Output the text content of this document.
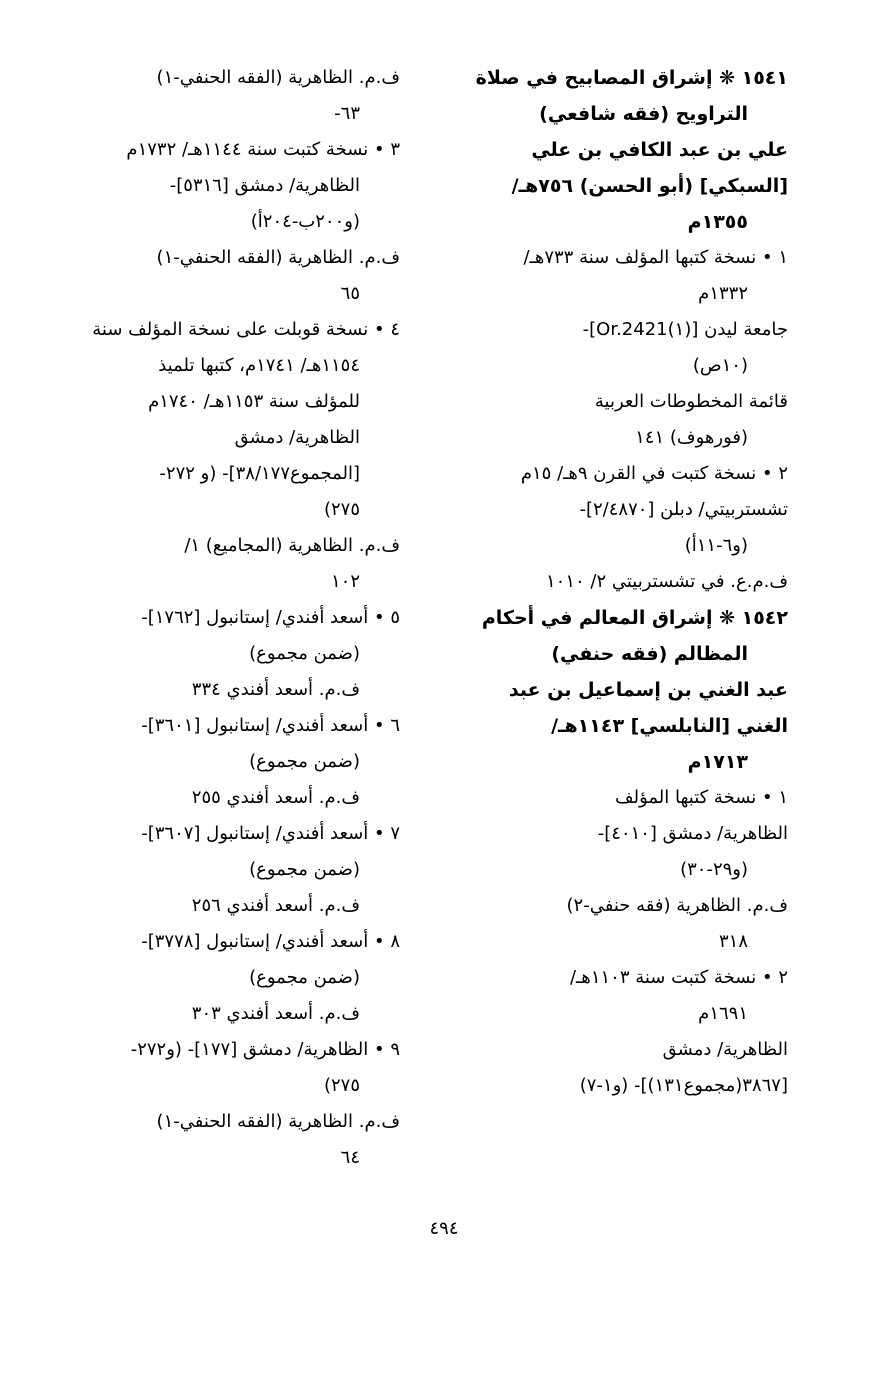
١٥٤١ ❋ إشراق المصابيح في صلاة

التراويح (فقه شافعي)

علي بن عبد الكافي بن علي

[السبكي] (أبو الحسن) ٧٥٦هـ/

١٣٥٥م

١ • نسخة كتبها المؤلف سنة ٧٣٣هـ/

١٣٣٢م

جامعة ليدن [(١)Or.2421]-

(١٠ص)

قائمة المخطوطات العربية

(فورهوف) ١٤١

٢ • نسخة كتبت في القرن ٩هـ/ ١٥م

تشستربيتي/ دبلن [٢/٤٨٧٠]-

(و٦-١١أ)

ف.م.ع. في تشستربيتي ٢/ ١٠١٠

١٥٤٢ ❋ إشراق المعالم في أحكام

المظالم (فقه حنفي)

عبد الغني بن إسماعيل بن عبد

الغني [النابلسي] ١١٤٣هـ/

١٧١٣م

١ • نسخة كتبها المؤلف

الظاهرية/ دمشق [٤٠١٠]-

(و٢٩-٣٠)

ف.م. الظاهرية (فقه حنفي-٢)

٣١٨

٢ • نسخة كتبت سنة ١١٠٣هـ/

١٦٩١م

الظاهرية/ دمشق

[٣٨٦٧(مجموع١٣١)]- (و١-٧)

ف.م. الظاهرية (الفقه الحنفي-١)

٦٣-

٣ • نسخة كتبت سنة ١١٤٤هـ/ ١٧٣٢م

الظاهرية/ دمشق [٥٣١٦]-

(و٢٠٠ب-٢٠٤أ)

ف.م. الظاهرية (الفقه الحنفي-١)

٦٥

٤ • نسخة قوبلت على نسخة المؤلف سنة

١١٥٤هـ/ ١٧٤١م، كتبها تلميذ

للمؤلف سنة ١١٥٣هـ/ ١٧٤٠م

الظاهرية/ دمشق

[المجموع٣٨/١٧٧]- (و ٢٧٢-

٢٧٥)

ف.م. الظاهرية (المجاميع) ١/

١٠٢

٥ • أسعد أفندي/ إستانبول [١٧٦٢]-

(ضمن مجموع)

ف.م. أسعد أفندي ٣٣٤

٦ • أسعد أفندي/ إستانبول [٣٦٠١]-

(ضمن مجموع)

ف.م. أسعد أفندي ٢٥٥

٧ • أسعد أفندي/ إستانبول [٣٦٠٧]-

(ضمن مجموع)

ف.م. أسعد أفندي ٢٥٦

٨ • أسعد أفندي/ إستانبول [٣٧٧٨]-

(ضمن مجموع)

ف.م. أسعد أفندي ٣٠٣

٩ • الظاهرية/ دمشق [١٧٧]- (و٢٧٢-

٢٧٥)

ف.م. الظاهرية (الفقه الحنفي-١)

٦٤

٤٩٤
